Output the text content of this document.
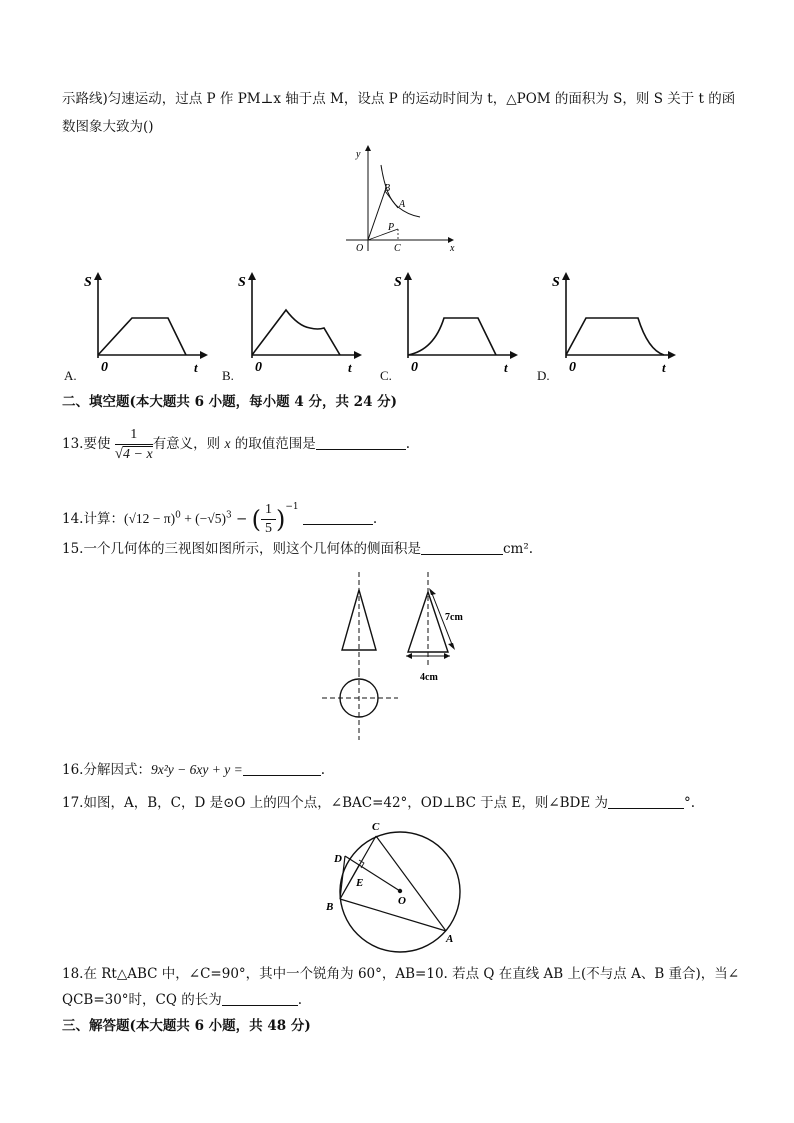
示路线)匀速运动，过点 P 作 PM⊥x 轴于点 M，设点 P 的运动时间为 t，△POM 的面积为 S，则 S 关于 t 的函
数图象大致为()
y
x
O
B
A
P
C
S
0	t
A.
S
0	t
B.
S
0	t
C.
S
0	t
D.
二、填空题(本大题共 6 小题，每小题 4 分，共 24 分)
13.要使 $\frac{1}{√4 - x}$ 有意义，则 x 的取值范围是	.
14.计算：$(√12 - \pi)^0 + (-√5)^3$ − ( $\frac{1}{5} )^{-1}$ .
15.一个几何体的三视图如图所示，则这个几何体的侧面积是	cm².
7cm
4cm
16.分解因式：9x²y − 6xy + y =	.
17.如图，A，B，C，D 是⊙O 上的四个点，∠BAC=42°，OD⊥BC 于点 E，则∠BDE 为	°.
C
D
E
O
B
A
18.在 Rt△ABC 中，∠C=90°，其中一个锐角为 60°，AB=10. 若点 Q 在直线 AB 上(不与点 A、B 重合)，当∠
QCB=30°时，CQ 的长为	.
三、解答题(本大题共 6 小题，共 48 分)
